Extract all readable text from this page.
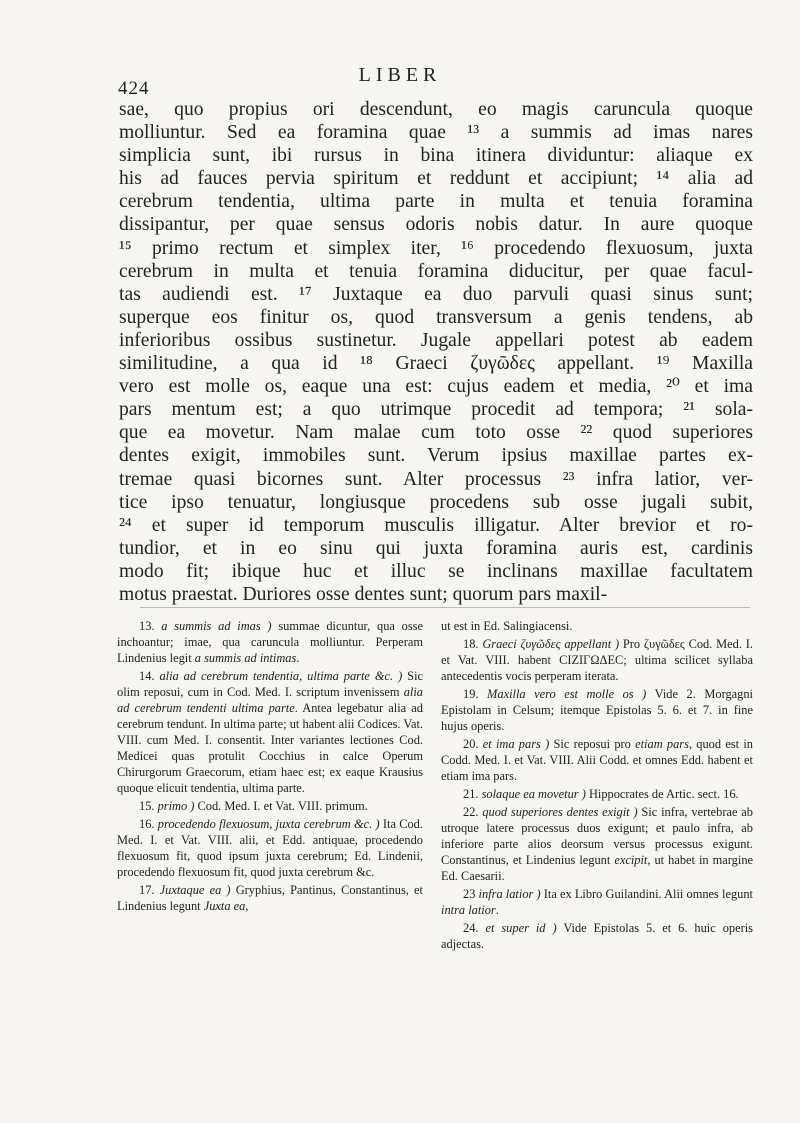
LIBER
424
sae, quo propius ori descendunt, eo magis caruncula quoque
molliuntur. Sed ea foramina quae ¹³ a summis ad imas nares
simplicia sunt, ibi rursus in bina itinera dividuntur: aliaque ex
his ad fauces pervia spiritum et reddunt et accipiunt; ¹⁴ alia ad
cerebrum tendentia, ultima parte in multa et tenuia foramina
dissipantur, per quae sensus odoris nobis datur. In aure quoque
¹⁵ primo rectum et simplex iter, ¹⁶ procedendo flexuosum, juxta
cerebrum in multa et tenuia foramina diducitur, per quae facul-
tas audiendi est. ¹⁷ Juxtaque ea duo parvuli quasi sinus sunt;
superque eos finitur os, quod transversum a genis tendens, ab
inferioribus ossibus sustinetur. Jugale appellari potest ab eadem
similitudine, a qua id ¹⁸ Graeci ζυγῶδες appellant. ¹⁹ Maxilla
vero est molle os, eaque una est: cujus eadem et media, ²⁰ et ima
pars mentum est; a quo utrimque procedit ad tempora; ²¹ sola-
que ea movetur. Nam malae cum toto osse ²² quod superiores
dentes exigit, immobiles sunt. Verum ipsius maxillae partes ex-
tremae quasi bicornes sunt. Alter processus ²³ infra latior, ver-
tice ipso tenuatur, longiusque procedens sub osse jugali subit,
²⁴ et super id temporum musculis illigatur. Alter brevior et ro-
tundior, et in eo sinu qui juxta foramina auris est, cardinis
modo fit; ibique huc et illuc se inclinans maxillae facultatem
motus praestat. Duriores osse dentes sunt; quorum pars maxil-

13. a summis ad imas ) summae dicuntur, qua osse inchoantur; imae, qua caruncula molliuntur. Perperam Lindenius legit a summis ad intimas.

14. alia ad cerebrum tendentia, ultima parte &c. ) Sic olim reposui, cum in Cod. Med. I. scriptum invenissem alia ad cerebrum tendenti ultima parte. Antea legebatur alia ad cerebrum tendunt. In ultima parte; ut habent alii Codices. Vat. VIII. cum Med. I. consentit. Inter variantes lectiones Cod. Medicei quas protulit Cocchius in calce Operum Chirurgorum Graecorum, etiam haec est; ex eaque Krausius quoque elicuit tendentia, ultima parte.

15. primo ) Cod. Med. I. et Vat. VIII. primum.

16. procedendo flexuosum, juxta cerebrum &c. ) Ita Cod. Med. I. et Vat. VIII. alii, et Edd. antiquae, procedendo flexuosum fit, quod ipsum juxta cerebrum; Ed. Lindenii, procedendo flexuosum fit, quod juxta cerebrum &c.

17. Juxtaque ea ) Gryphius, Pantinus, Constantinus, et Lindenius legunt Juxta ea,

ut est in Ed. Salingiacensi.

18. Graeci ζυγῶδες appellant ) Pro ζυγῶδες Cod. Med. I. et Vat. VIII. habent CIZIΓΩΔEC; ultima scilicet syllaba antecedentis vocis perperam iterata.

19. Maxilla vero est molle os ) Vide 2. Morgagni Epistolam in Celsum; itemque Epistolas 5. 6. et 7. in fine hujus operis.

20. et ima pars ) Sic reposui pro etiam pars, quod est in Codd. Med. I. et Vat. VIII. Alii Codd. et omnes Edd. habent et etiam ima pars.

21. solaque ea movetur ) Hippocrates de Artic. sect. 16.

22. quod superiores dentes exigit ) Sic infra, vertebrae ab utroque latere processus duos exigunt; et paulo infra, ab inferiore parte alios deorsum versus processus exigunt. Constantinus, et Lindenius legunt excipit, ut habet in margine Ed. Caesarii.

23 infra latior ) Ita ex Libro Guilandini. Alii omnes legunt intra latior.

24. et super id ) Vide Epistolas 5. et 6. huic operis adjectas.
